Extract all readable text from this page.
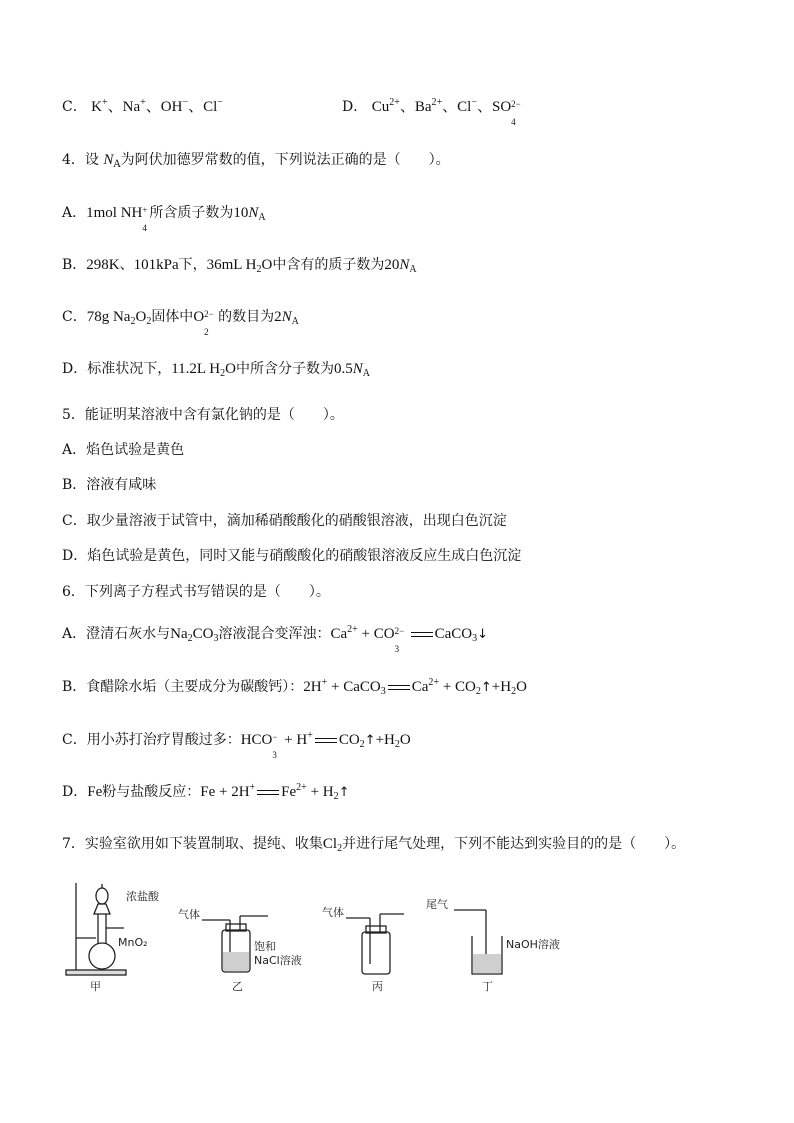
C． K+、Na+、OH−、Cl−	D． $Cu^{2+}$、$Ba^{2+}$、Cl−、SO 2−
4
4．设 $N_A$为阿伏加德罗常数的值，下列说法正确的是（　　）。
A．1mol NH +
4
所含质子数为$10N_A$
B．298K、101kPa下，36mL $H_2O$中含有的质子数为$20N_A$
C．78g $Na_2O_2$固体中O 2−
2
的数目为$2N_A$
D．标准状况下，11.2L $H_2O$中所含分子数为$0.5N_A$
5．能证明某溶液中含有氯化钠的是（　　）。
A．焰色试验是黄色
B．溶液有咸味
C．取少量溶液于试管中，滴加稀硝酸酸化的硝酸银溶液，出现白色沉淀
D．焰色试验是黄色，同时又能与硝酸酸化的硝酸银溶液反应生成白色沉淀
6．下列离子方程式书写错误的是（　　）。
A．澄清石灰水与$Na_2CO_3$溶液混合变浑浊：$Ca^{2+}$ + CO 2−
3
CaCO$_3$↓
B．食醋除水垢（主要成分为碳酸钙）：2H+ + CaCO$_3$ $Ca^{2+}$ + $CO_2↑+H_2O$
C．用小苏打治疗胃酸过多：HCO −
3
+ H+ $CO_2↑+H_2O$
D．Fe粉与盐酸反应：Fe + 2H+ $Fe^{2+}$ + $H_2↑$
7．实验室欲用如下装置制取、提纯、收集$Cl_2$并进行尾气处理，下列不能达到实验目的的是（　　）。
浓盐酸
MnO₂
甲
气体
饱和
NaCl溶液
乙
气体
丙
尾气
NaOH溶液
丁
